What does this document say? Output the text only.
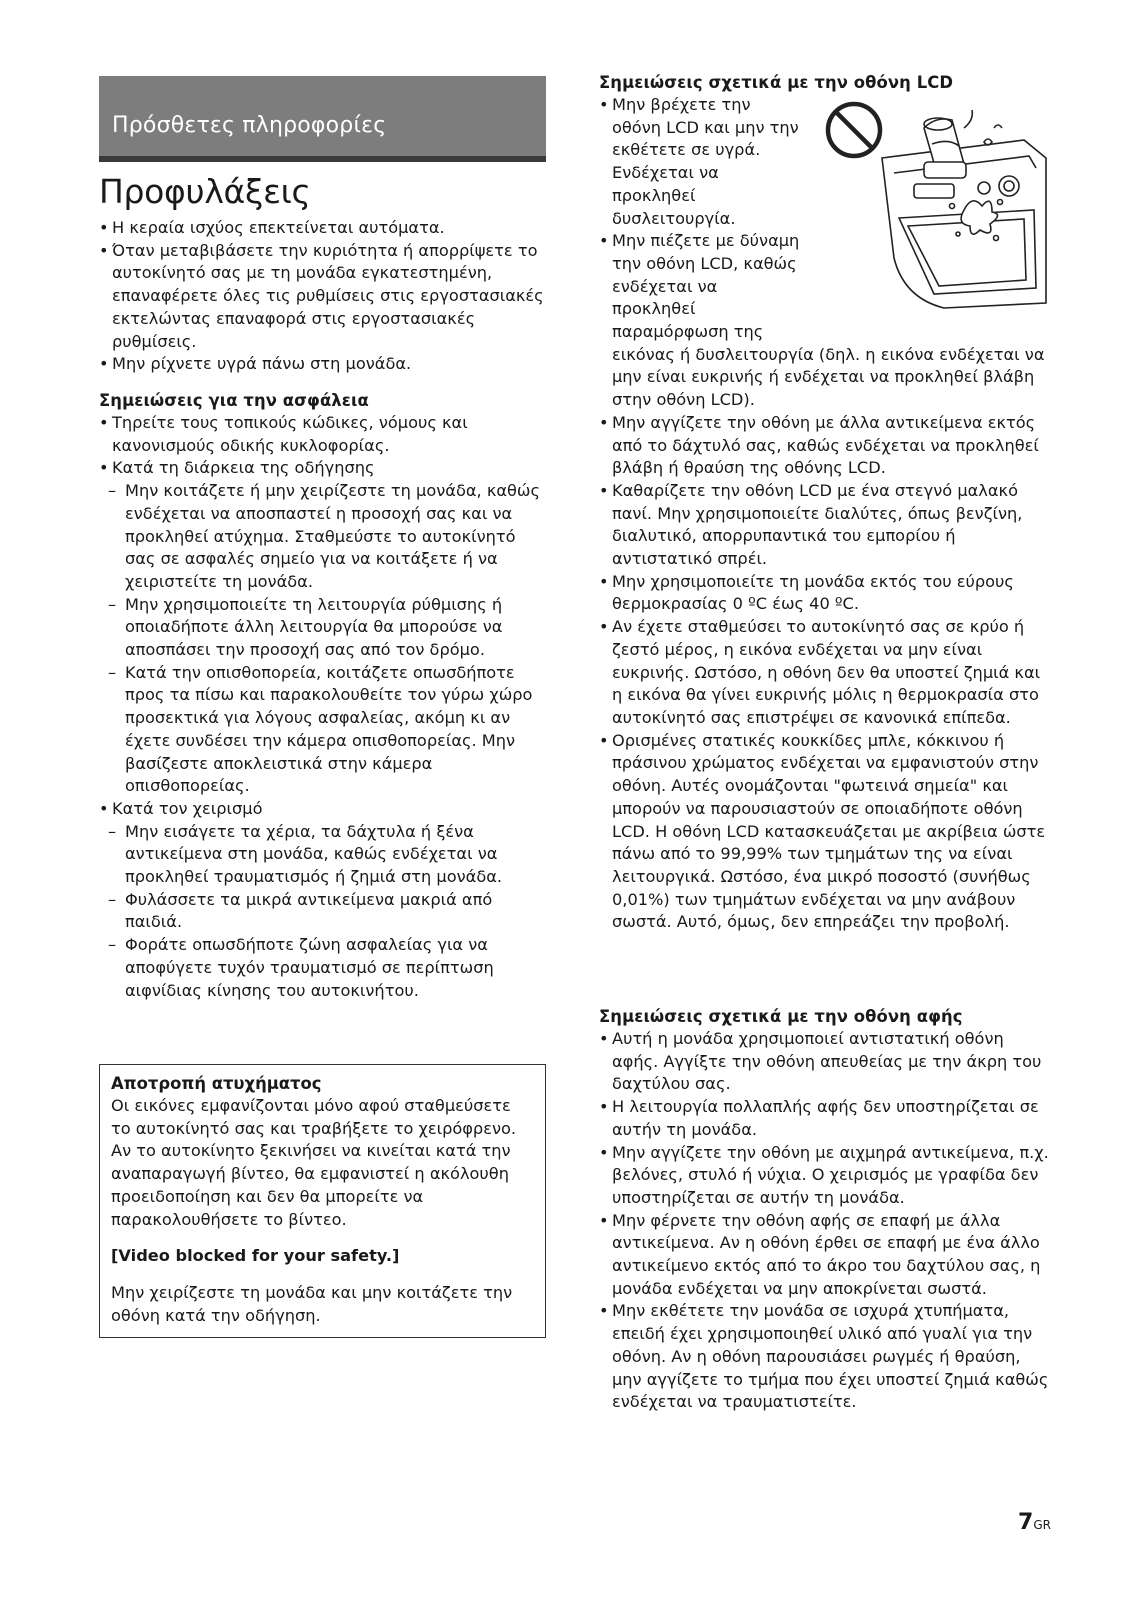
Πρόσθετες πληροφορίες
Προφυλάξεις
• Η κεραία ισχύος επεκτείνεται αυτόματα.
• Όταν μεταβιβάσετε την κυριότητα ή απορρίψετε το αυτοκίνητό σας με τη μονάδα εγκατεστημένη, επαναφέρετε όλες τις ρυθμίσεις στις εργοστασιακές εκτελώντας επαναφορά στις εργοστασιακές ρυθμίσεις.
• Μην ρίχνετε υγρά πάνω στη μονάδα.
Σημειώσεις για την ασφάλεια
• Τηρείτε τους τοπικούς κώδικες, νόμους και κανονισμούς οδικής κυκλοφορίας.
• Κατά τη διάρκεια της οδήγησης
– Μην κοιτάζετε ή μην χειρίζεστε τη μονάδα, καθώς ενδέχεται να αποσπαστεί η προσοχή σας και να προκληθεί ατύχημα. Σταθμεύστε το αυτοκίνητό σας σε ασφαλές σημείο για να κοιτάξετε ή να χειριστείτε τη μονάδα.
– Μην χρησιμοποιείτε τη λειτουργία ρύθμισης ή οποιαδήποτε άλλη λειτουργία θα μπορούσε να αποσπάσει την προσοχή σας από τον δρόμο.
– Κατά την οπισθοπορεία, κοιτάζετε οπωσδήποτε προς τα πίσω και παρακολουθείτε τον γύρω χώρο προσεκτικά για λόγους ασφαλείας, ακόμη κι αν έχετε συνδέσει την κάμερα οπισθοπορείας. Μην βασίζεστε αποκλειστικά στην κάμερα οπισθοπορείας.
• Κατά τον χειρισμό
– Μην εισάγετε τα χέρια, τα δάχτυλα ή ξένα αντικείμενα στη μονάδα, καθώς ενδέχεται να προκληθεί τραυματισμός ή ζημιά στη μονάδα.
– Φυλάσσετε τα μικρά αντικείμενα μακριά από παιδιά.
– Φοράτε οπωσδήποτε ζώνη ασφαλείας για να αποφύγετε τυχόν τραυματισμό σε περίπτωση αιφνίδιας κίνησης του αυτοκινήτου.
Αποτροπή ατυχήματος
Οι εικόνες εμφανίζονται μόνο αφού σταθμεύσετε το αυτοκίνητό σας και τραβήξετε το χειρόφρενο.
Αν το αυτοκίνητο ξεκινήσει να κινείται κατά την αναπαραγωγή βίντεο, θα εμφανιστεί η ακόλουθη προειδοποίηση και δεν θα μπορείτε να παρακολουθήσετε το βίντεο.
[Video blocked for your safety.]
Μην χειρίζεστε τη μονάδα και μην κοιτάζετε την οθόνη κατά την οδήγηση.
Σημειώσεις σχετικά με την οθόνη LCD
• Μην βρέχετε την οθόνη LCD και μην την εκθέτετε σε υγρά. Ενδέχεται να προκληθεί δυσλειτουργία.
• Μην πιέζετε με δύναμη την οθόνη LCD, καθώς ενδέχεται να προκληθεί παραμόρφωση της
εικόνας ή δυσλειτουργία (δηλ. η εικόνα ενδέχεται να μην είναι ευκρινής ή ενδέχεται να προκληθεί βλάβη στην οθόνη LCD).
• Μην αγγίζετε την οθόνη με άλλα αντικείμενα εκτός από το δάχτυλό σας, καθώς ενδέχεται να προκληθεί βλάβη ή θραύση της οθόνης LCD.
• Καθαρίζετε την οθόνη LCD με ένα στεγνό μαλακό πανί. Μην χρησιμοποιείτε διαλύτες, όπως βενζίνη, διαλυτικό, απορρυπαντικά του εμπορίου ή αντιστατικό σπρέι.
• Μην χρησιμοποιείτε τη μονάδα εκτός του εύρους θερμοκρασίας 0 ºC έως 40 ºC.
• Αν έχετε σταθμεύσει το αυτοκίνητό σας σε κρύο ή ζεστό μέρος, η εικόνα ενδέχεται να μην είναι ευκρινής. Ωστόσο, η οθόνη δεν θα υποστεί ζημιά και η εικόνα θα γίνει ευκρινής μόλις η θερμοκρασία στο αυτοκίνητό σας επιστρέψει σε κανονικά επίπεδα.
• Ορισμένες στατικές κουκκίδες μπλε, κόκκινου ή πράσινου χρώματος ενδέχεται να εμφανιστούν στην οθόνη. Αυτές ονομάζονται "φωτεινά σημεία" και μπορούν να παρουσιαστούν σε οποιαδήποτε οθόνη LCD. Η οθόνη LCD κατασκευάζεται με ακρίβεια ώστε πάνω από το 99,99% των τμημάτων της να είναι λειτουργικά. Ωστόσο, ένα μικρό ποσοστό (συνήθως 0,01%) των τμημάτων ενδέχεται να μην ανάβουν σωστά. Αυτό, όμως, δεν επηρεάζει την προβολή.
Σημειώσεις σχετικά με την οθόνη αφής
• Αυτή η μονάδα χρησιμοποιεί αντιστατική οθόνη αφής. Αγγίξτε την οθόνη απευθείας με την άκρη του δαχτύλου σας.
• Η λειτουργία πολλαπλής αφής δεν υποστηρίζεται σε αυτήν τη μονάδα.
• Μην αγγίζετε την οθόνη με αιχμηρά αντικείμενα, π.χ. βελόνες, στυλό ή νύχια. Ο χειρισμός με γραφίδα δεν υποστηρίζεται σε αυτήν τη μονάδα.
• Μην φέρνετε την οθόνη αφής σε επαφή με άλλα αντικείμενα. Αν η οθόνη έρθει σε επαφή με ένα άλλο αντικείμενο εκτός από το άκρο του δαχτύλου σας, η μονάδα ενδέχεται να μην αποκρίνεται σωστά.
• Μην εκθέτετε την μονάδα σε ισχυρά χτυπήματα, επειδή έχει χρησιμοποιηθεί υλικό από γυαλί για την οθόνη. Αν η οθόνη παρουσιάσει ρωγμές ή θραύση, μην αγγίζετε το τμήμα που έχει υποστεί ζημιά καθώς ενδέχεται να τραυματιστείτε.
7GR
